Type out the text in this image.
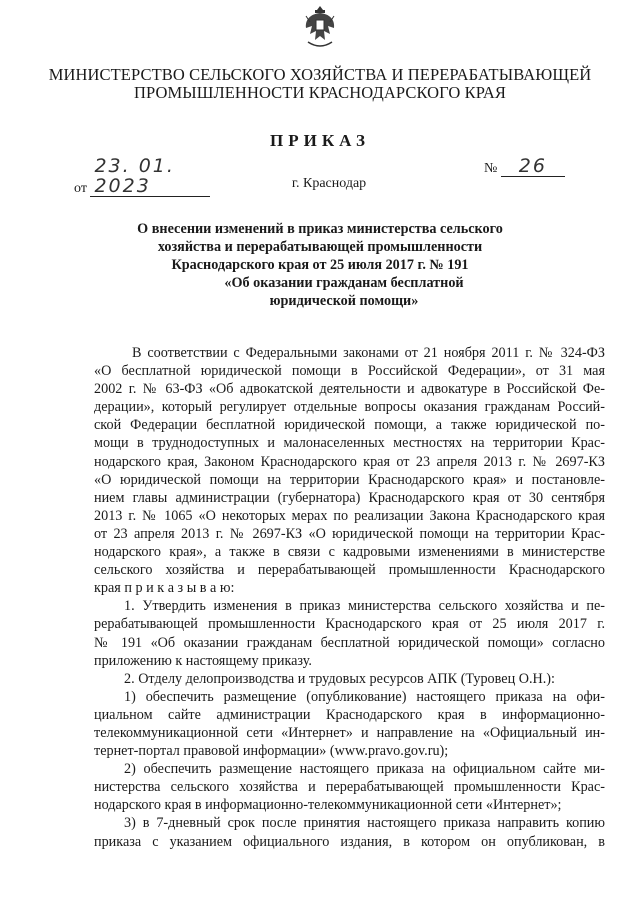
МИНИСТЕРСТВО СЕЛЬСКОГО ХОЗЯЙСТВА И ПЕРЕРАБАТЫВАЮЩЕЙ
ПРОМЫШЛЕННОСТИ КРАСНОДАРСКОГО КРАЯ
ПРИКАЗ
от 23. 01. 2023
№ 26
г. Краснодар
О внесении изменений в приказ министерства сельского
хозяйства и перерабатывающей промышленности
Краснодарского края от 25 июля 2017 г. № 191
«Об оказании гражданам бесплатной
юридической помощи»
В соответствии с Федеральными законами от 21 ноября 2011 г. № 324-ФЗ
«О бесплатной юридической помощи в Российской Федерации», от 31 мая
2002 г. № 63-ФЗ «Об адвокатской деятельности и адвокатуре в Российской Фе-
дерации», который регулирует отдельные вопросы оказания гражданам Россий-
ской Федерации бесплатной юридической помощи, а также юридической по-
мощи в труднодоступных и малонаселенных местностях на территории Крас-
нодарского края, Законом Краснодарского края от 23 апреля 2013 г. № 2697-КЗ
«О юридической помощи на территории Краснодарского края» и постановле-
нием главы администрации (губернатора) Краснодарского края от 30 сентября
2013 г. № 1065 «О некоторых мерах по реализации Закона Краснодарского края
от 23 апреля 2013 г. № 2697-КЗ «О юридической помощи на территории Крас-
нодарского края», а также в связи с кадровыми изменениями в министерстве
сельского хозяйства и перерабатывающей промышленности Краснодарского
края п р и к а з ы в а ю:
1. Утвердить изменения в приказ министерства сельского хозяйства и пе-
рерабатывающей промышленности Краснодарского края от 25 июля 2017 г.
№ 191 «Об оказании гражданам бесплатной юридической помощи» согласно
приложению к настоящему приказу.
2. Отделу делопроизводства и трудовых ресурсов АПК (Туровец О.Н.):
1) обеспечить размещение (опубликование) настоящего приказа на офи-
циальном сайте администрации Краснодарского края в информационно-
телекоммуникационной сети «Интернет» и направление на «Официальный ин-
тернет-портал правовой информации» (www.pravo.gov.ru);
2) обеспечить размещение настоящего приказа на официальном сайте ми-
нистерства сельского хозяйства и перерабатывающей промышленности Крас-
нодарского края в информационно-телекоммуникационной сети «Интернет»;
3) в 7-дневный срок после принятия настоящего приказа направить копию
приказа с указанием официального издания, в котором он опубликован, в
